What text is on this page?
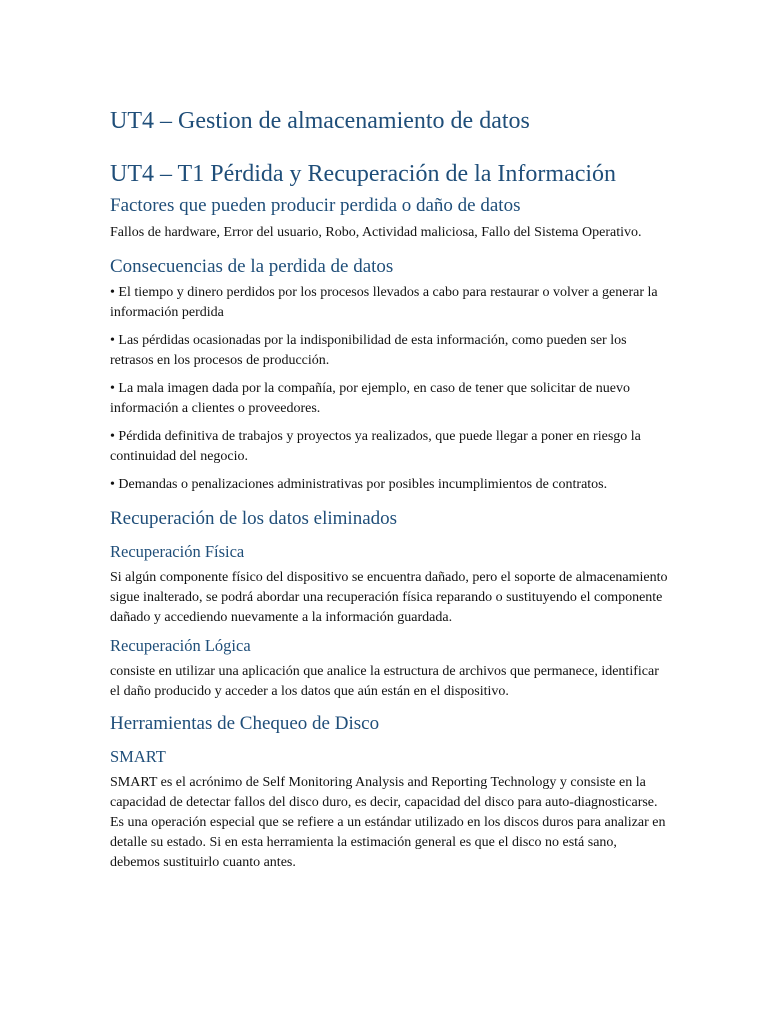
UT4 – Gestion de almacenamiento de datos
UT4 – T1 Pérdida y Recuperación de la Información
Factores que pueden producir perdida o daño de datos

Fallos de hardware, Error del usuario, Robo, Actividad maliciosa, Fallo del Sistema Operativo.

Consecuencias de la perdida de datos

• El tiempo y dinero perdidos por los procesos llevados a cabo para restaurar o volver a generar la información perdida

• Las pérdidas ocasionadas por la indisponibilidad de esta información, como pueden ser los retrasos en los procesos de producción.

• La mala imagen dada por la compañía, por ejemplo, en caso de tener que solicitar de nuevo información a clientes o proveedores.

• Pérdida definitiva de trabajos y proyectos ya realizados, que puede llegar a poner en riesgo la continuidad del negocio.

• Demandas o penalizaciones administrativas por posibles incumplimientos de contratos.

Recuperación de los datos eliminados
Recuperación Física

Si algún componente físico del dispositivo se encuentra dañado, pero el soporte de almacenamiento sigue inalterado, se podrá abordar una recuperación física reparando o sustituyendo el componente dañado y accediendo nuevamente a la información guardada.

Recuperación Lógica

consiste en utilizar una aplicación que analice la estructura de archivos que permanece, identificar el daño producido y acceder a los datos que aún están en el dispositivo.

Herramientas de Chequeo de Disco
SMART

SMART es el acrónimo de Self Monitoring Analysis and Reporting Technology y consiste en la capacidad de detectar fallos del disco duro, es decir, capacidad del disco para auto-diagnosticarse. Es una operación especial que se refiere a un estándar utilizado en los discos duros para analizar en detalle su estado. Si en esta herramienta la estimación general es que el disco no está sano, debemos sustituirlo cuanto antes.
